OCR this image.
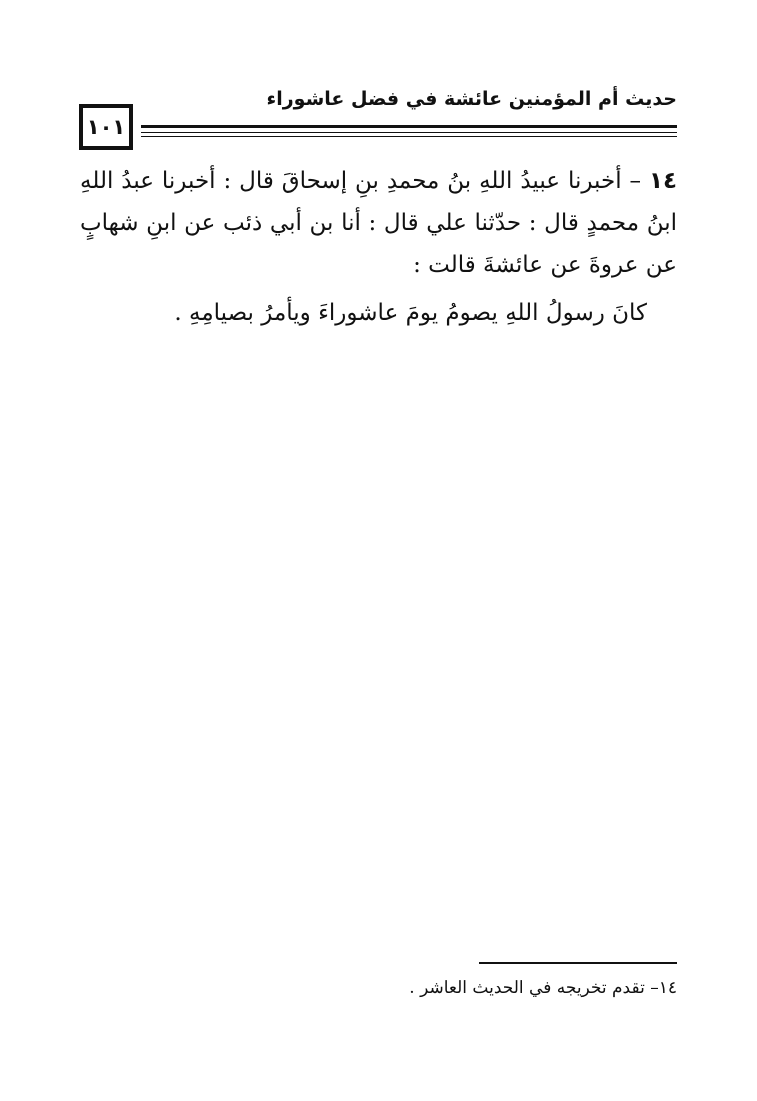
حديث أم المؤمنين عائشة في فضل عاشوراء
١٠١
١٤ – أخبرنا عبيدُ اللهِ بنُ محمدِ بنِ إسحاقَ قال : أخبرنا عبدُ اللهِ ابنُ محمدٍ قال : حدّثنا علي قال : أنا بن أبي ذئب عن ابنِ شهابٍ عن عروةَ عن عائشةَ قالت :
كانَ رسولُ اللهِ يصومُ يومَ عاشوراءَ ويأمرُ بصيامِهِ .
١٤– تقدم تخريجه في الحديث العاشر .
